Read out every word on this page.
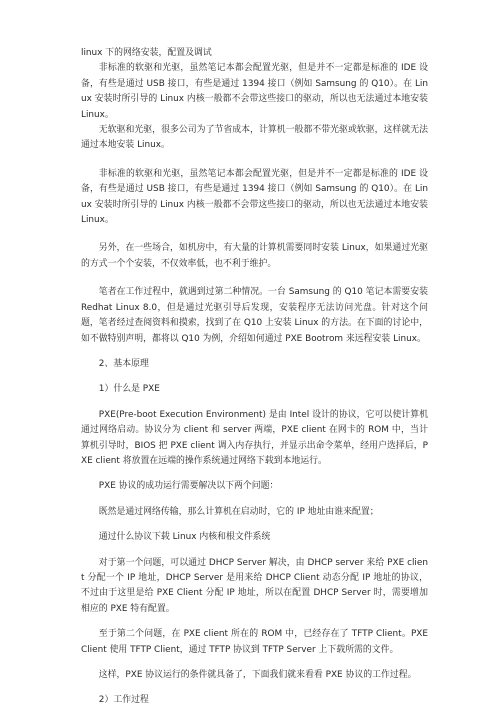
linux 下的网络安装，配置及调试

非标准的软驱和光驱，虽然笔记本都会配置光驱，但是并不一定都是标准的 IDE 设备，有些是通过 USB 接口，有些是通过 1394 接口（例如 Samsung 的 Q10）。在 Linux 安装时所引导的 Linux 内核一般都不会带这些接口的驱动，所以也无法通过本地安装 Linux。

无软驱和光驱，很多公司为了节省成本，计算机一般都不带光驱或软驱，这样就无法通过本地安装 Linux。

非标准的软驱和光驱，虽然笔记本都会配置光驱，但是并不一定都是标准的 IDE 设备，有些是通过 USB 接口，有些是通过 1394 接口（例如 Samsung 的 Q10）。在 Linux 安装时所引导的 Linux 内核一般都不会带这些接口的驱动，所以也无法通过本地安装 Linux。

另外，在一些场合，如机房中，有大量的计算机需要同时安装 Linux，如果通过光驱的方式一个个安装，不仅效率低，也不利于维护。

笔者在工作过程中，就遇到过第二种情况。一台 Samsung 的 Q10 笔记本需要安装 Redhat Linux 8.0，但是通过光驱引导后发现，安装程序无法访问光盘。针对这个问题，笔者经过查阅资料和摸索，找到了在 Q10 上安装 Linux 的方法。在下面的讨论中，如不做特别声明，都将以 Q10 为例，介绍如何通过 PXE Bootrom 来远程安装 Linux。

2、基本原理

1）什么是 PXE

PXE(Pre-boot Execution Environment) 是由 Intel 设计的协议，它可以使计算机通过网络启动。协议分为 client 和 server 两端，PXE client 在网卡的 ROM 中，当计算机引导时，BIOS 把 PXE client 调入内存执行，并显示出命令菜单，经用户选择后，PXE client 将放置在远端的操作系统通过网络下载到本地运行。

PXE 协议的成功运行需要解决以下两个问题：

既然是通过网络传输，那么计算机在启动时，它的 IP 地址由谁来配置；

通过什么协议下载 Linux 内核和根文件系统

对于第一个问题，可以通过 DHCP Server 解决，由 DHCP server 来给 PXE client 分配一个 IP 地址，DHCP Server 是用来给 DHCP Client 动态分配 IP 地址的协议，不过由于这里是给 PXE Client 分配 IP 地址，所以在配置 DHCP Server 时，需要增加相应的 PXE 特有配置。

至于第二个问题，在 PXE client 所在的 ROM 中，已经存在了 TFTP Client。PXE Client 使用 TFTP Client，通过 TFTP 协议到 TFTP Server 上下载所需的文件。

这样，PXE 协议运行的条件就具备了，下面我们就来看看 PXE 协议的工作过程。

2）工作过程
